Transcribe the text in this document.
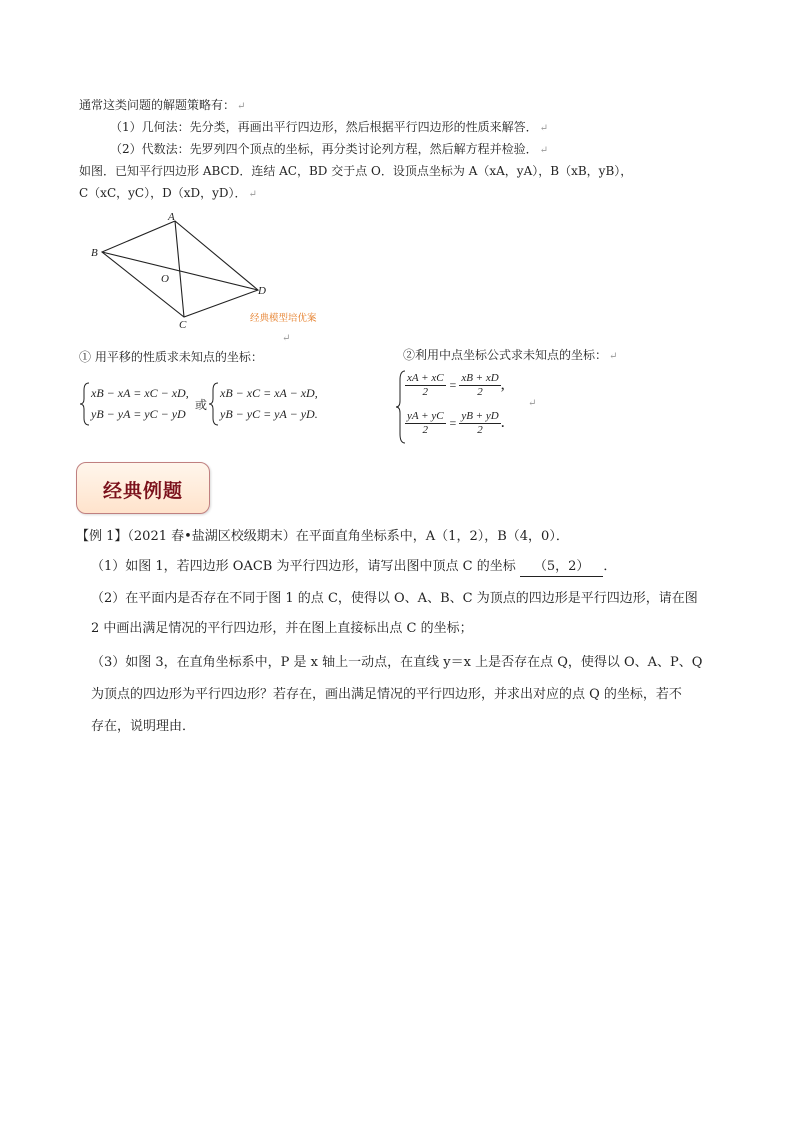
通常这类问题的解题策略有： ↵
（1）几何法：先分类，再画出平行四边形，然后根据平行四边形的性质来解答． ↵
（2）代数法：先罗列四个顶点的坐标，再分类讨论列方程，然后解方程并检验． ↵
如图．已知平行四边形 ABCD．连结 AC，BD 交于点 O．设顶点坐标为 A（xA，yA），B（xB，yB），
C（xC，yC），D（xD，yD）． ↵
A
B
C
D
O
经典模型培优案
↵
① 用平移的性质求未知点的坐标：
xB − xA = xC − xD,
yB − yA = yC − yD
或
xB − xC = xA − xD,
yB − yC = yA − yD.
②利用中点坐标公式求未知点的坐标： ↵
$\frac{xA + xC}{2} = \frac{xB + xD}{2}$ ,
$\frac{yA + yC}{2} = \frac{yB + yD}{2}$ .
↵
经典例题
【例 1】（2021 春•盐湖区校级期末）在平面直角坐标系中，A（1，2），B（4，0）．
（1）如图 1，若四边形 OACB 为平行四边形，请写出图中顶点 C 的坐标 （5，2） ．
（2）在平面内是否存在不同于图 1 的点 C，使得以 O、A、B、C 为顶点的四边形是平行四边形，请在图
2 中画出满足情况的平行四边形，并在图上直接标出点 C 的坐标；
（3）如图 3，在直角坐标系中，P 是 x 轴上一动点，在直线 y＝x 上是否存在点 Q，使得以 O、A、P、Q
为顶点的四边形为平行四边形？若存在，画出满足情况的平行四边形，并求出对应的点 Q 的坐标，若不
存在，说明理由．
